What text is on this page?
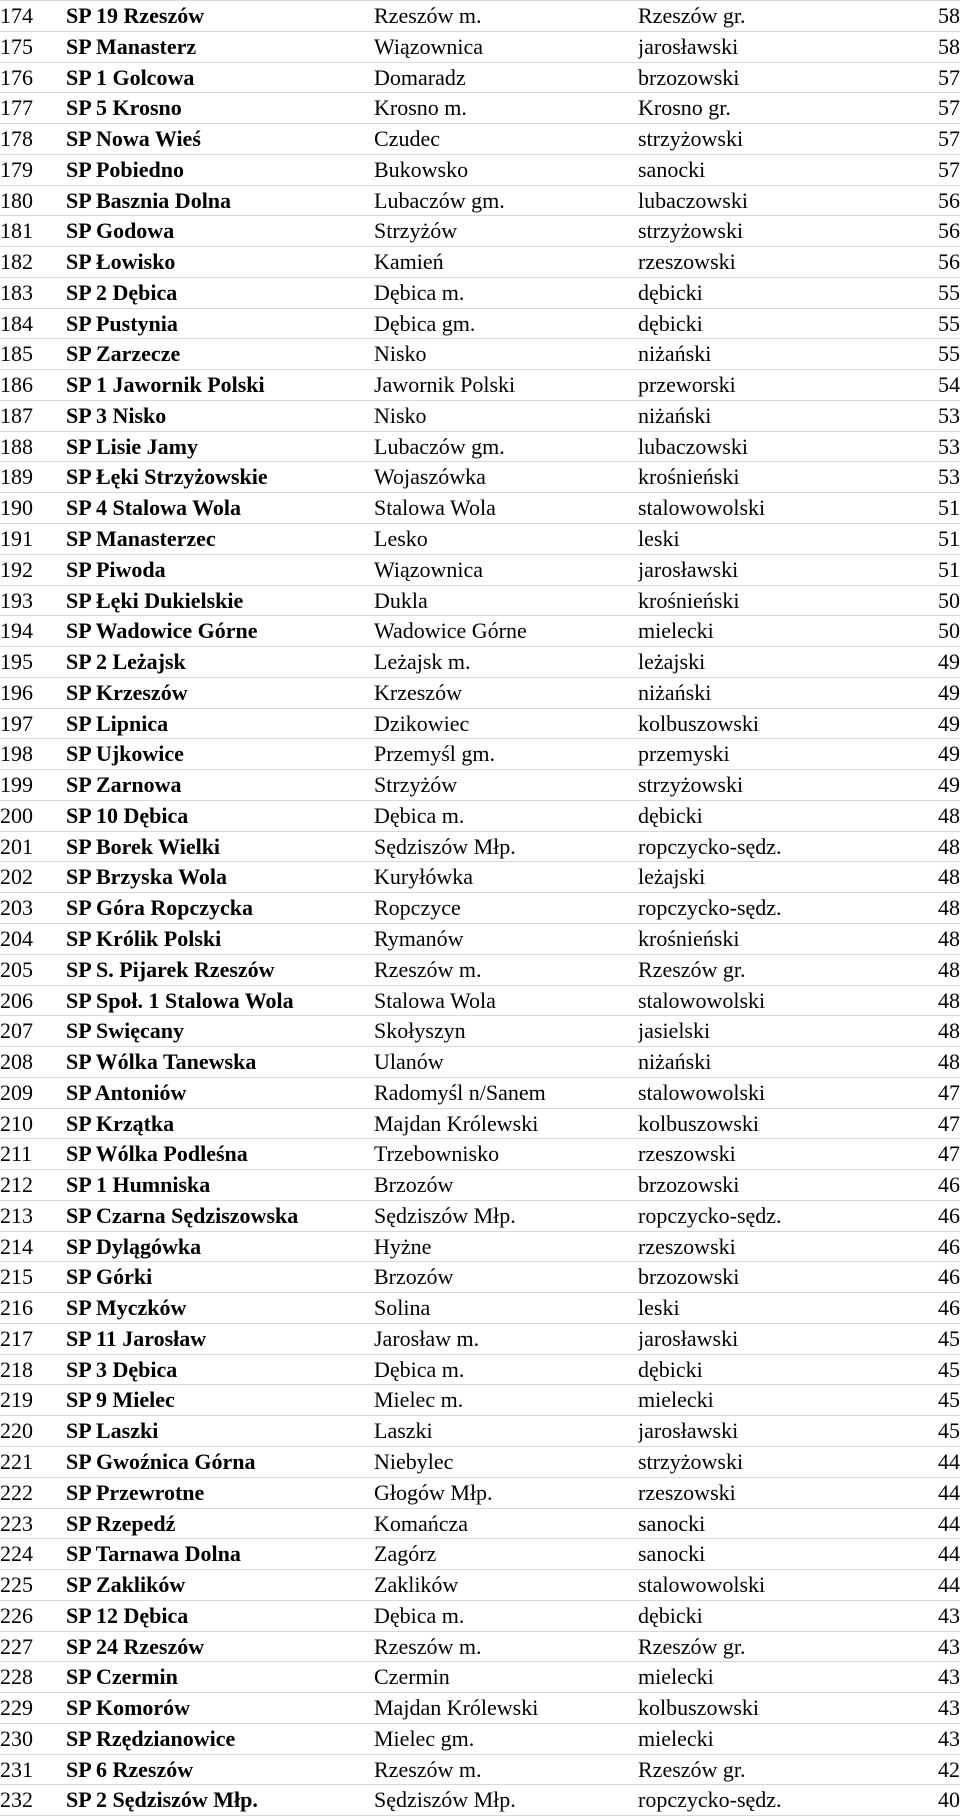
174	SP 19 Rzeszów	Rzeszów m.	Rzeszów gr.	58
175	SP Manasterz	Wiązownica	jarosławski	58
176	SP 1 Golcowa	Domaradz	brzozowski	57
177	SP 5 Krosno	Krosno m.	Krosno gr.	57
178	SP Nowa Wieś	Czudec	strzyżowski	57
179	SP Pobiedno	Bukowsko	sanocki	57
180	SP Basznia Dolna	Lubaczów gm.	lubaczowski	56
181	SP Godowa	Strzyżów	strzyżowski	56
182	SP Łowisko	Kamień	rzeszowski	56
183	SP 2 Dębica	Dębica m.	dębicki	55
184	SP Pustynia	Dębica gm.	dębicki	55
185	SP Zarzecze	Nisko	niżański	55
186	SP 1 Jawornik Polski	Jawornik Polski	przeworski	54
187	SP 3 Nisko	Nisko	niżański	53
188	SP Lisie Jamy	Lubaczów gm.	lubaczowski	53
189	SP Łęki Strzyżowskie	Wojaszówka	krośnieński	53
190	SP 4 Stalowa Wola	Stalowa Wola	stalowowolski	51
191	SP Manasterzec	Lesko	leski	51
192	SP Piwoda	Wiązownica	jarosławski	51
193	SP Łęki Dukielskie	Dukla	krośnieński	50
194	SP Wadowice Górne	Wadowice Górne	mielecki	50
195	SP 2 Leżajsk	Leżajsk m.	leżajski	49
196	SP Krzeszów	Krzeszów	niżański	49
197	SP Lipnica	Dzikowiec	kolbuszowski	49
198	SP Ujkowice	Przemyśl gm.	przemyski	49
199	SP Zarnowa	Strzyżów	strzyżowski	49
200	SP 10 Dębica	Dębica m.	dębicki	48
201	SP Borek Wielki	Sędziszów Młp.	ropczycko-sędz.	48
202	SP Brzyska Wola	Kuryłówka	leżajski	48
203	SP Góra Ropczycka	Ropczyce	ropczycko-sędz.	48
204	SP Królik Polski	Rymanów	krośnieński	48
205	SP S. Pijarek Rzeszów	Rzeszów m.	Rzeszów gr.	48
206	SP Społ. 1 Stalowa Wola	Stalowa Wola	stalowowolski	48
207	SP Swięcany	Skołyszyn	jasielski	48
208	SP Wólka Tanewska	Ulanów	niżański	48
209	SP Antoniów	Radomyśl n/Sanem	stalowowolski	47
210	SP Krzątka	Majdan Królewski	kolbuszowski	47
211	SP Wólka Podleśna	Trzebownisko	rzeszowski	47
212	SP 1 Humniska	Brzozów	brzozowski	46
213	SP Czarna Sędziszowska	Sędziszów Młp.	ropczycko-sędz.	46
214	SP Dylągówka	Hyżne	rzeszowski	46
215	SP Górki	Brzozów	brzozowski	46
216	SP Myczków	Solina	leski	46
217	SP 11 Jarosław	Jarosław m.	jarosławski	45
218	SP 3 Dębica	Dębica m.	dębicki	45
219	SP 9 Mielec	Mielec m.	mielecki	45
220	SP Laszki	Laszki	jarosławski	45
221	SP Gwoźnica Górna	Niebylec	strzyżowski	44
222	SP Przewrotne	Głogów Młp.	rzeszowski	44
223	SP Rzepedź	Komańcza	sanocki	44
224	SP Tarnawa Dolna	Zagórz	sanocki	44
225	SP Zaklików	Zaklików	stalowowolski	44
226	SP 12 Dębica	Dębica m.	dębicki	43
227	SP 24 Rzeszów	Rzeszów m.	Rzeszów gr.	43
228	SP Czermin	Czermin	mielecki	43
229	SP Komorów	Majdan Królewski	kolbuszowski	43
230	SP Rzędzianowice	Mielec gm.	mielecki	43
231	SP 6 Rzeszów	Rzeszów m.	Rzeszów gr.	42
232	SP 2 Sędziszów Młp.	Sędziszów Młp.	ropczycko-sędz.	40
